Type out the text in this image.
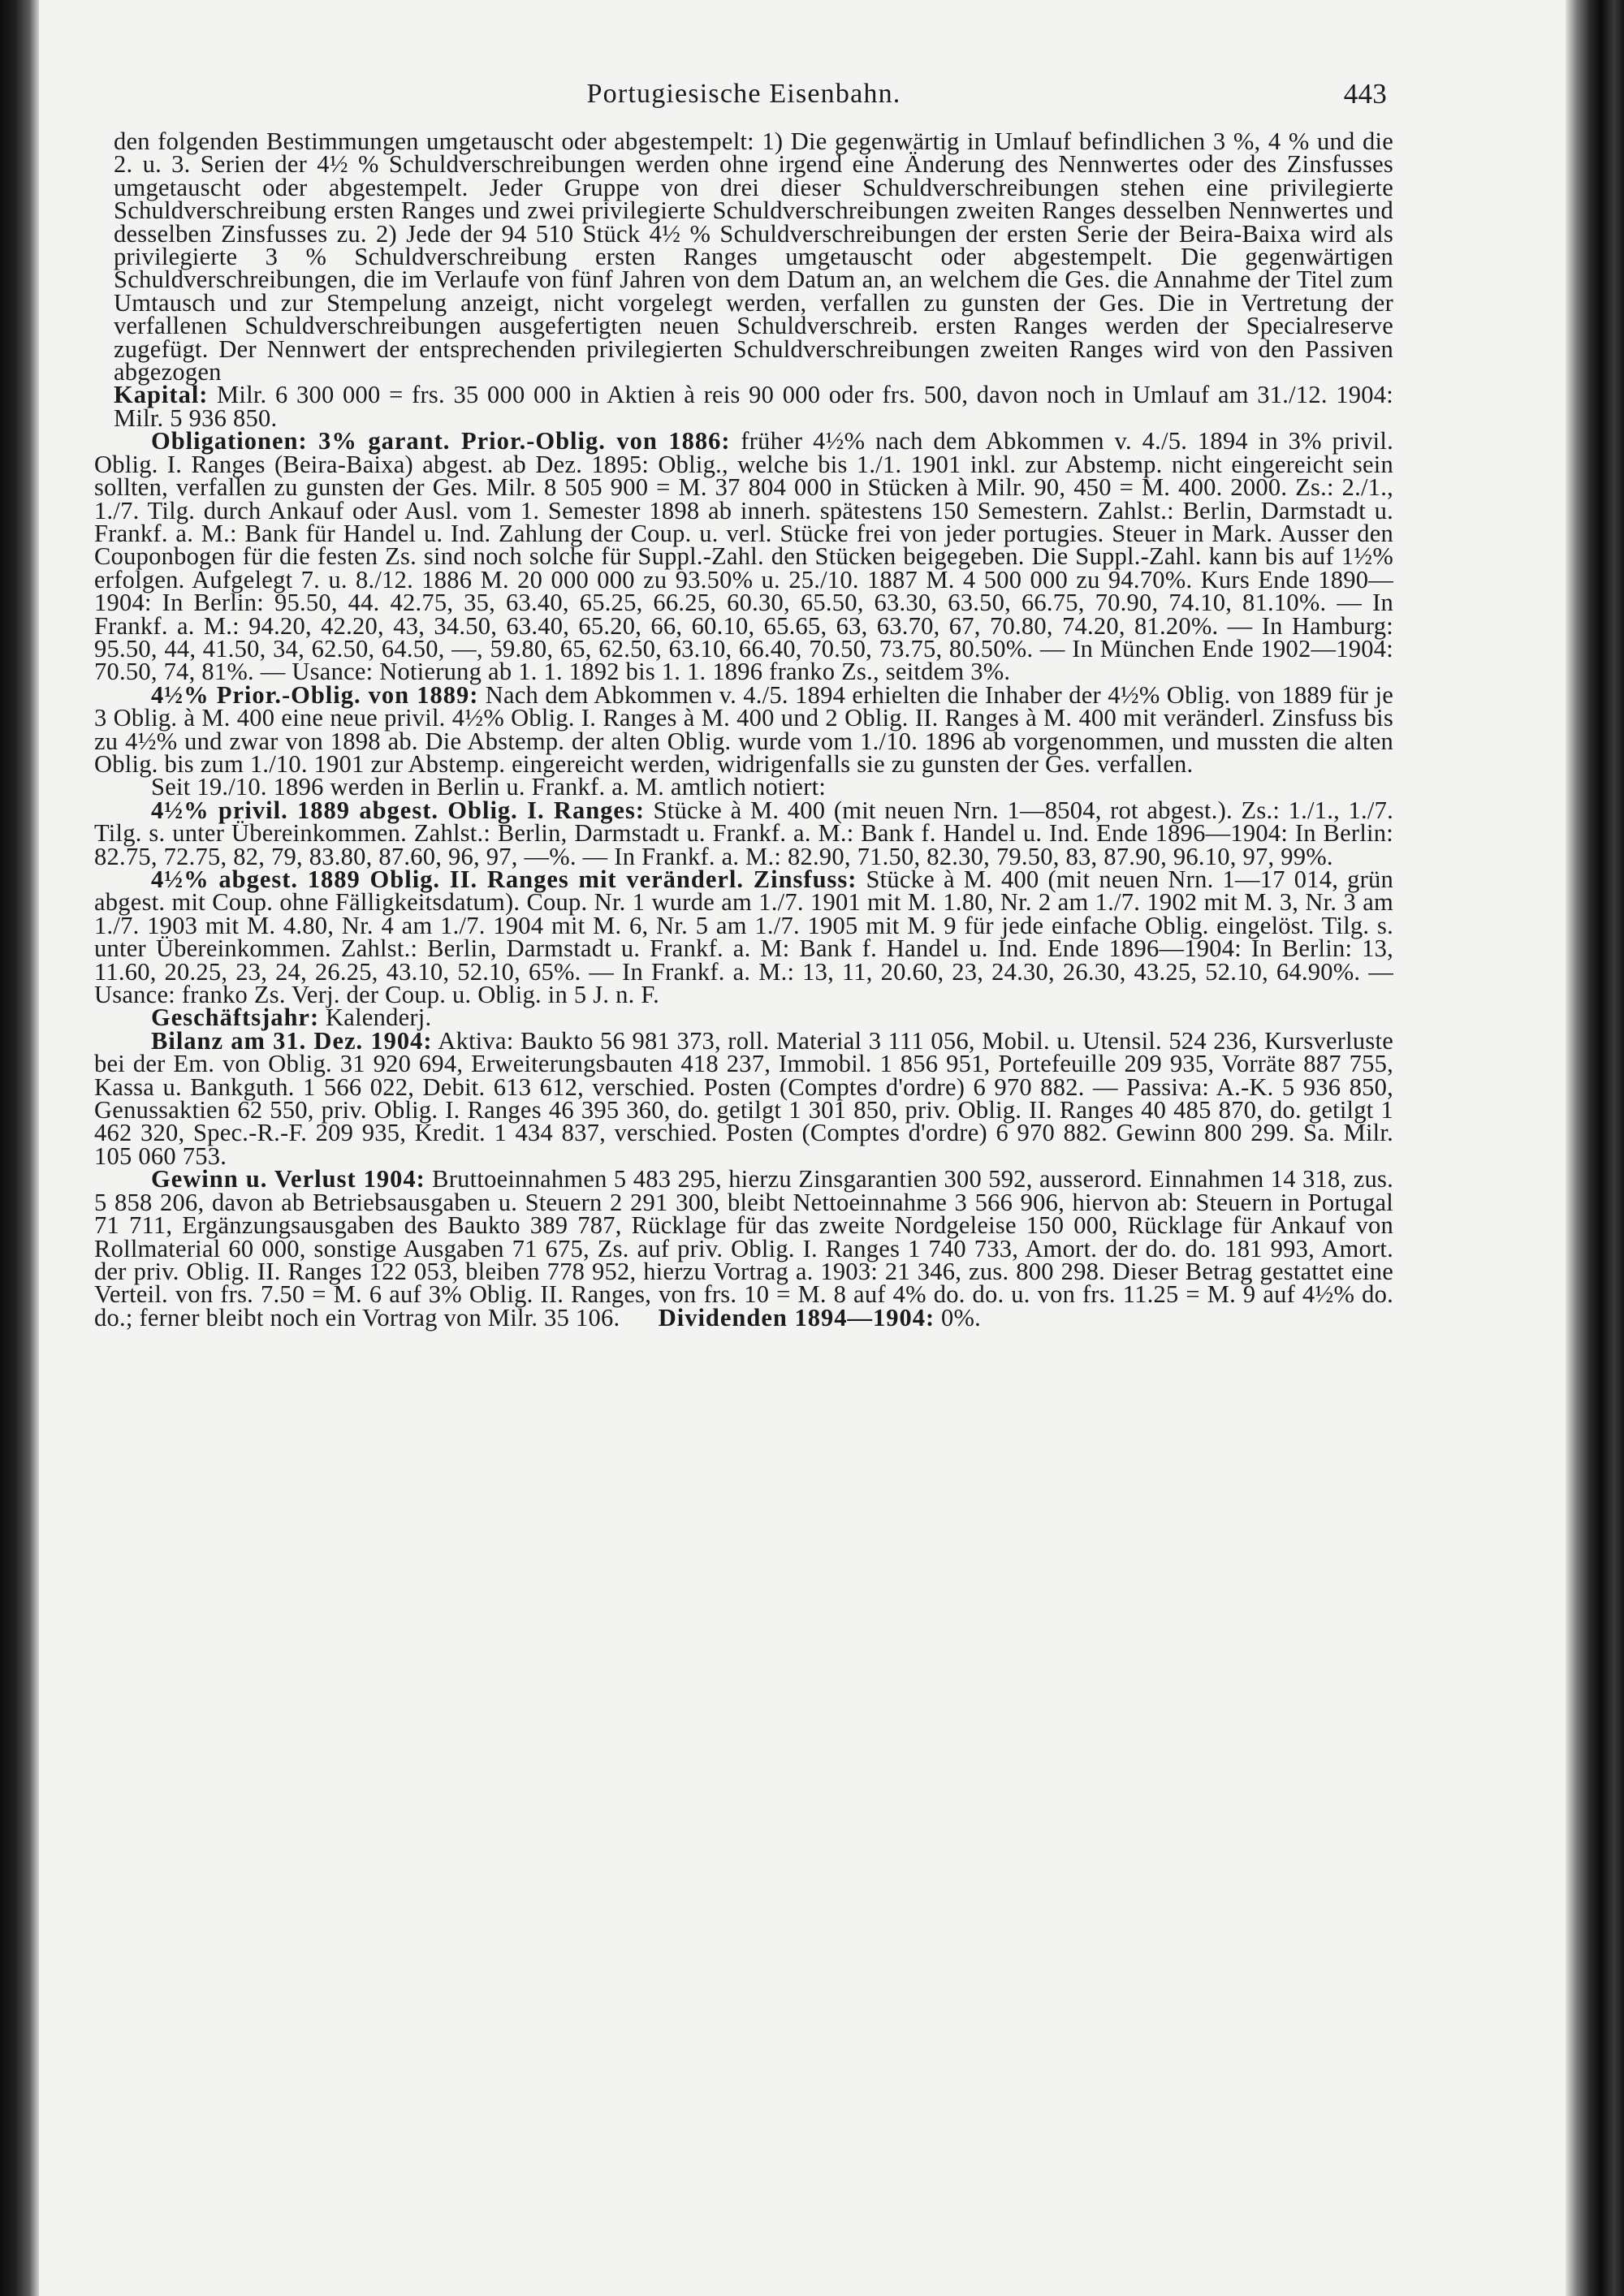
Portugiesische Eisenbahn.	443

den folgenden Bestimmungen umgetauscht oder abgestempelt: 1) Die gegenwärtig in Umlauf befindlichen 3 %, 4 % und die 2. u. 3. Serien der 4½ % Schuldverschreibungen werden ohne irgend eine Änderung des Nennwertes oder des Zinsfusses umgetauscht oder abgestempelt. Jeder Gruppe von drei dieser Schuldverschreibungen stehen eine privilegierte Schuldverschreibung ersten Ranges und zwei privilegierte Schuldverschreibungen zweiten Ranges desselben Nennwertes und desselben Zinsfusses zu. 2) Jede der 94 510 Stück 4½ % Schuldverschreibungen der ersten Serie der Beira-Baixa wird als privilegierte 3 % Schuldverschreibung ersten Ranges umgetauscht oder abgestempelt. Die gegenwärtigen Schuldverschreibungen, die im Verlaufe von fünf Jahren von dem Datum an, an welchem die Ges. die Annahme der Titel zum Umtausch und zur Stempelung anzeigt, nicht vorgelegt werden, verfallen zu gunsten der Ges. Die in Vertretung der verfallenen Schuldverschreibungen ausgefertigten neuen Schuldverschreib. ersten Ranges werden der Specialreserve zugefügt. Der Nennwert der entsprechenden privilegierten Schuldverschreibungen zweiten Ranges wird von den Passiven abgezogen

Kapital: Milr. 6 300 000 = frs. 35 000 000 in Aktien à reis 90 000 oder frs. 500, davon noch in Umlauf am 31./12. 1904: Milr. 5 936 850.

Obligationen: 3% garant. Prior.-Oblig. von 1886: früher 4½% nach dem Abkommen v. 4./5. 1894 in 3% privil. Oblig. I. Ranges (Beira-Baixa) abgest. ab Dez. 1895: Oblig., welche bis 1./1. 1901 inkl. zur Abstemp. nicht eingereicht sein sollten, verfallen zu gunsten der Ges. Milr. 8 505 900 = M. 37 804 000 in Stücken à Milr. 90, 450 = M. 400. 2000. Zs.: 2./1., 1./7. Tilg. durch Ankauf oder Ausl. vom 1. Semester 1898 ab innerh. spätestens 150 Semestern. Zahlst.: Berlin, Darmstadt u. Frankf. a. M.: Bank für Handel u. Ind. Zahlung der Coup. u. verl. Stücke frei von jeder portugies. Steuer in Mark. Ausser den Couponbogen für die festen Zs. sind noch solche für Suppl.-Zahl. den Stücken beigegeben. Die Suppl.-Zahl. kann bis auf 1½% erfolgen. Aufgelegt 7. u. 8./12. 1886 M. 20 000 000 zu 93.50% u. 25./10. 1887 M. 4 500 000 zu 94.70%. Kurs Ende 1890—1904: In Berlin: 95.50, 44. 42.75, 35, 63.40, 65.25, 66.25, 60.30, 65.50, 63.30, 63.50, 66.75, 70.90, 74.10, 81.10%. — In Frankf. a. M.: 94.20, 42.20, 43, 34.50, 63.40, 65.20, 66, 60.10, 65.65, 63, 63.70, 67, 70.80, 74.20, 81.20%. — In Hamburg: 95.50, 44, 41.50, 34, 62.50, 64.50, —, 59.80, 65, 62.50, 63.10, 66.40, 70.50, 73.75, 80.50%. — In München Ende 1902—1904: 70.50, 74, 81%. — Usance: Notierung ab 1. 1. 1892 bis 1. 1. 1896 franko Zs., seitdem 3%.

4½% Prior.-Oblig. von 1889: Nach dem Abkommen v. 4./5. 1894 erhielten die Inhaber der 4½% Oblig. von 1889 für je 3 Oblig. à M. 400 eine neue privil. 4½% Oblig. I. Ranges à M. 400 und 2 Oblig. II. Ranges à M. 400 mit veränderl. Zinsfuss bis zu 4½% und zwar von 1898 ab. Die Abstemp. der alten Oblig. wurde vom 1./10. 1896 ab vorgenommen, und mussten die alten Oblig. bis zum 1./10. 1901 zur Abstemp. eingereicht werden, widrigenfalls sie zu gunsten der Ges. verfallen.

Seit 19./10. 1896 werden in Berlin u. Frankf. a. M. amtlich notiert:

4½% privil. 1889 abgest. Oblig. I. Ranges: Stücke à M. 400 (mit neuen Nrn. 1—8504, rot abgest.). Zs.: 1./1., 1./7. Tilg. s. unter Übereinkommen. Zahlst.: Berlin, Darmstadt u. Frankf. a. M.: Bank f. Handel u. Ind. Ende 1896—1904: In Berlin: 82.75, 72.75, 82, 79, 83.80, 87.60, 96, 97, —%. — In Frankf. a. M.: 82.90, 71.50, 82.30, 79.50, 83, 87.90, 96.10, 97, 99%.

4½% abgest. 1889 Oblig. II. Ranges mit veränderl. Zinsfuss: Stücke à M. 400 (mit neuen Nrn. 1—17 014, grün abgest. mit Coup. ohne Fälligkeitsdatum). Coup. Nr. 1 wurde am 1./7. 1901 mit M. 1.80, Nr. 2 am 1./7. 1902 mit M. 3, Nr. 3 am 1./7. 1903 mit M. 4.80, Nr. 4 am 1./7. 1904 mit M. 6, Nr. 5 am 1./7. 1905 mit M. 9 für jede einfache Oblig. eingelöst. Tilg. s. unter Übereinkommen. Zahlst.: Berlin, Darmstadt u. Frankf. a. M: Bank f. Handel u. Ind. Ende 1896—1904: In Berlin: 13, 11.60, 20.25, 23, 24, 26.25, 43.10, 52.10, 65%. — In Frankf. a. M.: 13, 11, 20.60, 23, 24.30, 26.30, 43.25, 52.10, 64.90%. — Usance: franko Zs. Verj. der Coup. u. Oblig. in 5 J. n. F.

Geschäftsjahr: Kalenderj.

Bilanz am 31. Dez. 1904: Aktiva: Baukto 56 981 373, roll. Material 3 111 056, Mobil. u. Utensil. 524 236, Kursverluste bei der Em. von Oblig. 31 920 694, Erweiterungsbauten 418 237, Immobil. 1 856 951, Portefeuille 209 935, Vorräte 887 755, Kassa u. Bankguth. 1 566 022, Debit. 613 612, verschied. Posten (Comptes d'ordre) 6 970 882. — Passiva: A.-K. 5 936 850, Genussaktien 62 550, priv. Oblig. I. Ranges 46 395 360, do. getilgt 1 301 850, priv. Oblig. II. Ranges 40 485 870, do. getilgt 1 462 320, Spec.-R.-F. 209 935, Kredit. 1 434 837, verschied. Posten (Comptes d'ordre) 6 970 882. Gewinn 800 299. Sa. Milr. 105 060 753.

Gewinn u. Verlust 1904: Bruttoeinnahmen 5 483 295, hierzu Zinsgarantien 300 592, ausserord. Einnahmen 14 318, zus. 5 858 206, davon ab Betriebsausgaben u. Steuern 2 291 300, bleibt Nettoeinnahme 3 566 906, hiervon ab: Steuern in Portugal 71 711, Ergänzungsausgaben des Baukto 389 787, Rücklage für das zweite Nordgeleise 150 000, Rücklage für Ankauf von Rollmaterial 60 000, sonstige Ausgaben 71 675, Zs. auf priv. Oblig. I. Ranges 1 740 733, Amort. der do. do. 181 993, Amort. der priv. Oblig. II. Ranges 122 053, bleiben 778 952, hierzu Vortrag a. 1903: 21 346, zus. 800 298. Dieser Betrag gestattet eine Verteil. von frs. 7.50 = M. 6 auf 3% Oblig. II. Ranges, von frs. 10 = M. 8 auf 4% do. do. u. von frs. 11.25 = M. 9 auf 4½% do. do.; ferner bleibt noch ein Vortrag von Milr. 35 106. Dividenden 1894—1904: 0%.
